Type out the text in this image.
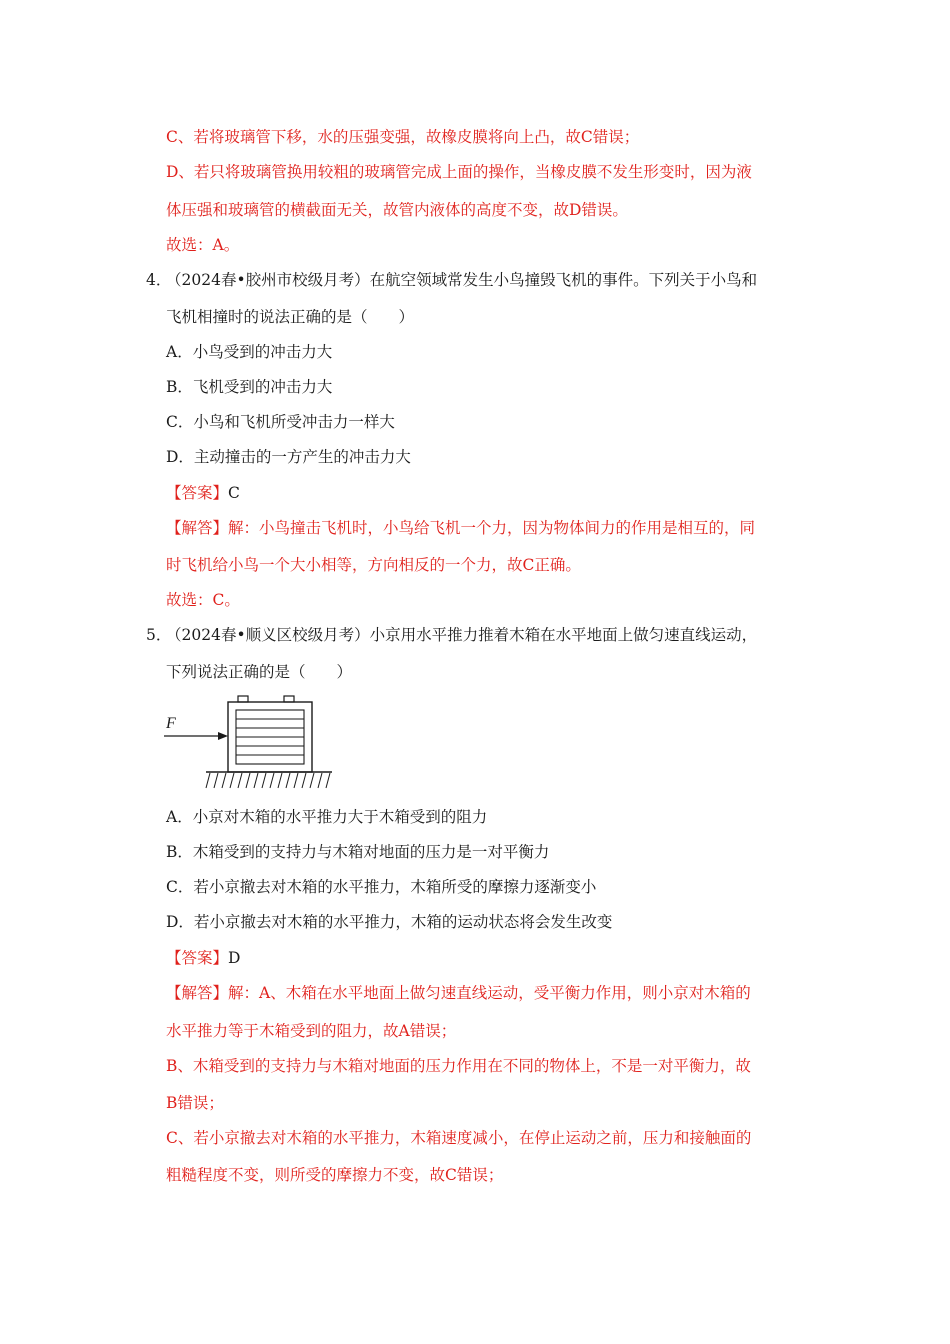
C、若将玻璃管下移，水的压强变强，故橡皮膜将向上凸，故C错误；
D、若只将玻璃管换用较粗的玻璃管完成上面的操作，当橡皮膜不发生形变时，因为液
体压强和玻璃管的横截面无关，故管内液体的高度不变，故D错误。
故选：A。
4．
（2024春•胶州市校级月考）在航空领域常发生小鸟撞毁飞机的事件。下列关于小鸟和
飞机相撞时的说法正确的是（　　）
A．小鸟受到的冲击力大
B．飞机受到的冲击力大
C．小鸟和飞机所受冲击力一样大
D．主动撞击的一方产生的冲击力大
【答案】C
【解答】解：小鸟撞击飞机时，小鸟给飞机一个力，因为物体间力的作用是相互的，同
时飞机给小鸟一个大小相等，方向相反的一个力，故C正确。
故选：C。
5．
（2024春•顺义区校级月考）小京用水平推力推着木箱在水平地面上做匀速直线运动，
下列说法正确的是（　　）
F
A．小京对木箱的水平推力大于木箱受到的阻力
B．木箱受到的支持力与木箱对地面的压力是一对平衡力
C．若小京撤去对木箱的水平推力，木箱所受的摩擦力逐渐变小
D．若小京撤去对木箱的水平推力，木箱的运动状态将会发生改变
【答案】D
【解答】解：A、木箱在水平地面上做匀速直线运动，受平衡力作用，则小京对木箱的
水平推力等于木箱受到的阻力，故A错误；
B、木箱受到的支持力与木箱对地面的压力作用在不同的物体上，不是一对平衡力，故
B错误；
C、若小京撤去对木箱的水平推力，木箱速度减小，在停止运动之前，压力和接触面的
粗糙程度不变，则所受的摩擦力不变，故C错误；
